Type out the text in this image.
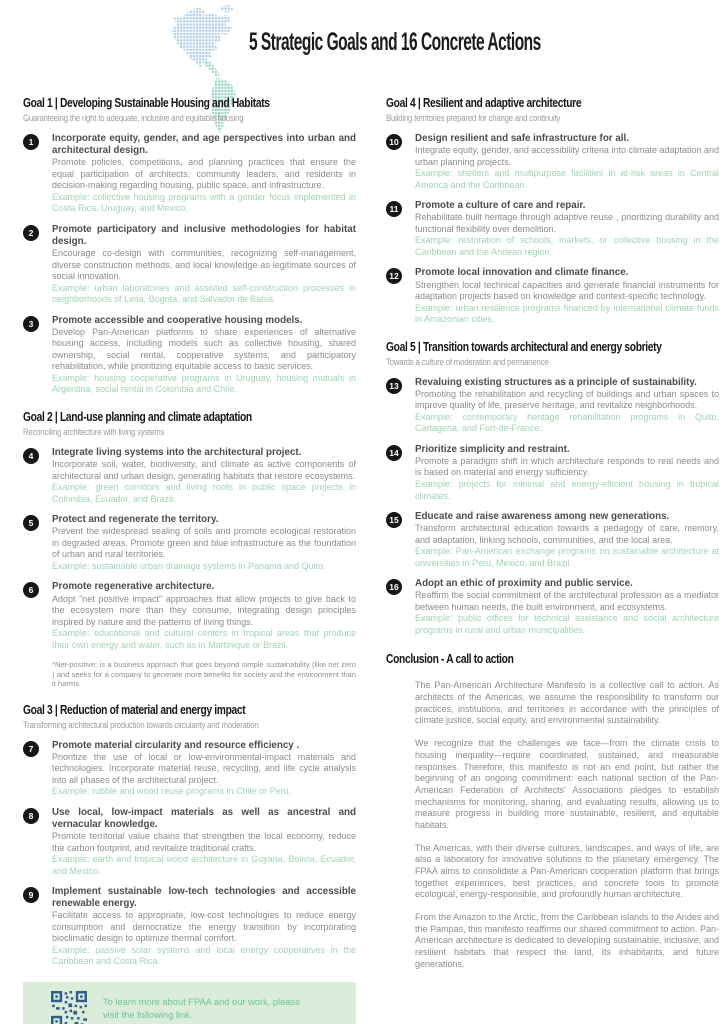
5 Strategic Goals and 16 Concrete Actions
Goal 1 | Developing Sustainable Housing and Habitats
Guaranteeing the right to adequate, inclusive and equitable housing
1	Incorporate equity, gender, and age perspectives into urban and architectural design.
Promote policies, competitions, and planning practices that ensure the equal participation of architects, community leaders, and residents in decision-making regarding housing, public space, and infrastructure.
Example: collective housing programs with a gender focus implemented in Costa Rica, Uruguay, and Mexico.
2	Promote participatory and inclusive methodologies for habitat design.
Encourage co-design with communities, recognizing self-management, diverse construction methods, and local knowledge as legitimate sources of social innovation.
Example: urban laboratories and assisted self-construction processes in neighborhoods of Lima, Bogotá, and Salvador de Bahia.
3	Promote accessible and cooperative housing models.
Develop Pan-American platforms to share experiences of alternative housing access, including models such as collective housing, shared ownership, social rental, cooperative systems, and participatory rehabilitation, while prioritizing equitable access to basic services.
Example: housing cooperative programs in Uruguay, housing mutuals in Argentina, social rental in Colombia and Chile.
Goal 2 | Land-use planning and climate adaptation
Reconciling architecture with living systems
4	Integrate living systems into the architectural project.
Incorporate soil, water, biodiversity, and climate as active components of architectural and urban design, generating habitats that restore ecosystems.
Example: green corridors and living roofs in public space projects in Colombia, Ecuador, and Brazil.
5	Protect and regenerate the territory.
Prevent the widespread sealing of soils and promote ecological restoration in degraded areas. Promote green and blue infrastructure as the foundation of urban and rural territories.
Example: sustainable urban drainage systems in Panama and Quito.
6	Promote regenerative architecture.
Adopt “net positive impact” approaches that allow projects to give back to the ecosystem more than they consume, integrating design principles inspired by nature and the patterns of living things.
Example: educational and cultural centers in tropical areas that produce their own energy and water, such as in Martinique or Brazil.
*Net-positive: is a business approach that goes beyond simple sustainability (like net zero ) and seeks for a company to generate more benefits for society and the environment than it harms.
Goal 3 | Reduction of material and energy impact
Transforming architectural production towards circularity and moderation
7	Promote material circularity and resource efficiency .
Prioritize the use of local or low-environmental-impact materials and technologies. Incorporate material reuse, recycling, and life cycle analysis into all phases of the architectural project.
Example: rubble and wood reuse programs in Chile or Peru.
8	Use local, low-impact materials as well as ancestral and vernacular knowledge.
Promote territorial value chains that strengthen the local economy, reduce the carbon footprint, and revitalize traditional crafts.
Example: earth and tropical wood architecture in Guyana, Bolivia, Ecuador, and Mexico.
9	Implement sustainable low-tech technologies and accessible renewable energy.
Facilitate access to appropriate, low-cost technologies to reduce energy consumption and democratize the energy transition by incorporating bioclimatic design to optimize thermal comfort.
Example: passive solar systems and local energy cooperatives in the Caribbean and Costa Rica.
To learn more about FPAA and our work, please visit the following link.
Goal 4 | Resilient and adaptive architecture
Building territories prepared for change and continuity
10	Design resilient and safe infrastructure for all.
Integrate equity, gender, and accessibility criteria into climate adaptation and urban planning projects.
Example: shelters and multipurpose facilities in at-risk areas in Central America and the Caribbean.
11	Promote a culture of care and repair.
Rehabilitate built heritage through adaptive reuse , prioritizing durability and functional flexibility over demolition.
Example: restoration of schools, markets, or collective housing in the Caribbean and the Andean region.
12	Promote local innovation and climate finance.
Strengthen local technical capacities and generate financial instruments for adaptation projects based on knowledge and context-specific technology.
Example: urban resilience programs financed by international climate funds in Amazonian cities.
Goal 5 | Transition towards architectural and energy sobriety
Towards a culture of moderation and permanence
13	Revaluing existing structures as a principle of sustainability.
Promoting the rehabilitation and recycling of buildings and urban spaces to improve quality of life, preserve heritage, and revitalize neighborhoods.
Example: contemporary heritage rehabilitation programs in Quito, Cartagena, and Fort-de-France.
14	Prioritize simplicity and restraint.
Promote a paradigm shift in which architecture responds to real needs and is based on material and energy sufficiency.
Example: projects for minimal and energy-efficient housing in tropical climates.
15	Educate and raise awareness among new generations.
Transform architectural education towards a pedagogy of care, memory, and adaptation, linking schools, communities, and the local area.
Example: Pan-American exchange programs on sustainable architecture at universities in Peru, Mexico, and Brazil.
16	Adopt an ethic of proximity and public service.
Reaffirm the social commitment of the architectural profession as a mediator between human needs, the built environment, and ecosystems.
Example: public offices for technical assistance and social architecture programs in rural and urban municipalities.
Conclusion - A call to action

The Pan-American Architecture Manifesto is a collective call to action. As architects of the Americas, we assume the responsibility to transform our practices, institutions, and territories in accordance with the principles of climate justice, social equity, and environmental sustainability.

We recognize that the challenges we face—from the climate crisis to housing inequality—require coordinated, sustained, and measurable responses. Therefore, this manifesto is not an end point, but rather the beginning of an ongoing commitment: each national section of the Pan-American Federation of Architects' Associations pledges to establish mechanisms for monitoring, sharing, and evaluating results, allowing us to measure progress in building more sustainable, resilient, and equitable habitats.

The Americas, with their diverse cultures, landscapes, and ways of life, are also a laboratory for innovative solutions to the planetary emergency. The FPAA aims to consolidate a Pan-American cooperation platform that brings together experiences, best practices, and concrete tools to promote ecological, energy-responsible, and profoundly human architecture.

From the Amazon to the Arctic, from the Caribbean islands to the Andes and the Pampas, this manifesto reaffirms our shared commitment to action. Pan-American architecture is dedicated to developing sustainable, inclusive, and resilient habitats that respect the land, its inhabitants, and future generations.
